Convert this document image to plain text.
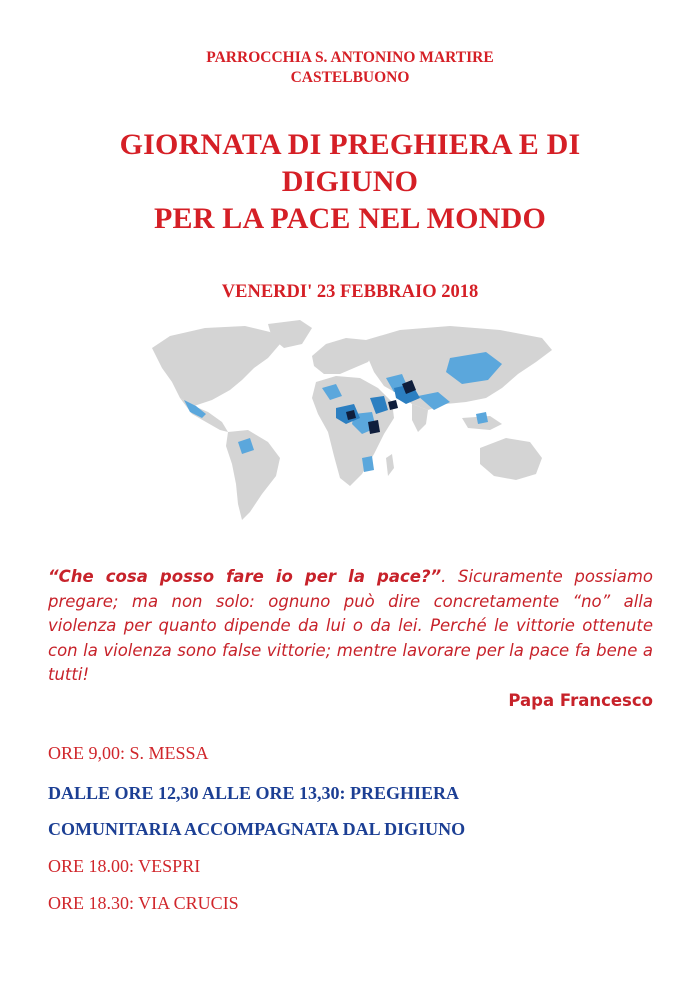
PARROCCHIA S. ANTONINO MARTIRE
CASTELBUONO
GIORNATA DI PREGHIERA E DI
DIGIUNO
PER LA PACE NEL MONDO
VENERDI' 23 FEBBRAIO 2018
“Che cosa posso fare io per la pace?”. Sicuramente possiamo pregare; ma non solo: ognuno può dire concretamente “no” alla violenza per quanto dipende da lui o da lei. Perché le vittorie ottenute con la violenza sono false vittorie; mentre lavorare per la pace fa bene a tutti!
Papa Francesco
ORE 9,00: S. MESSA
DALLE ORE 12,30 ALLE ORE 13,30: PREGHIERA
COMUNITARIA ACCOMPAGNATA DAL DIGIUNO
ORE 18.00: VESPRI
ORE 18.30: VIA CRUCIS
